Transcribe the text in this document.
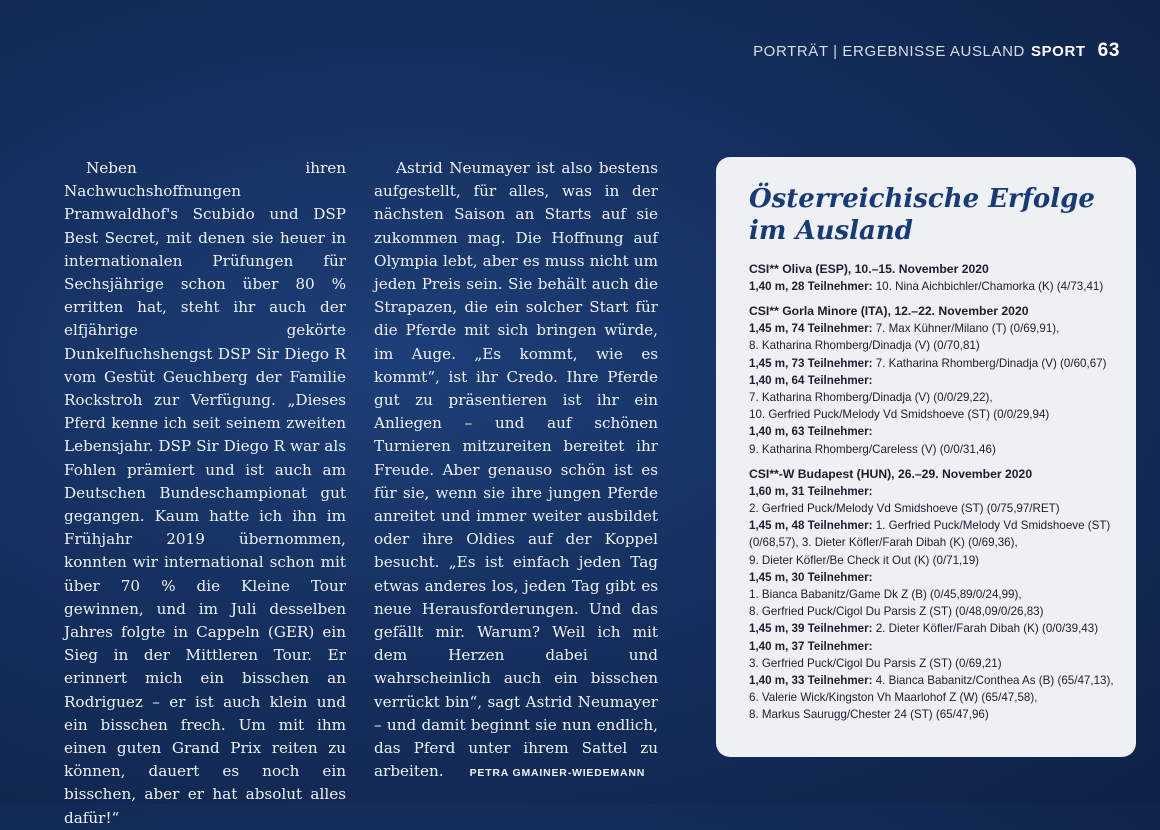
PORTRÄT | ERGEBNISSE AUSLAND SPORT 63

Neben ihren Nachwuchshoffnungen Pramwaldhof's Scubido und DSP Best Secret, mit denen sie heuer in internationalen Prüfungen für Sechsjährige schon über 80 % erritten hat, steht ihr auch der elfjährige gekörte Dunkelfuchshengst DSP Sir Diego R vom Gestüt Geuchberg der Familie Rockstroh zur Verfügung. „Dieses Pferd kenne ich seit seinem zweiten Lebensjahr. DSP Sir Diego R war als Fohlen prämiert und ist auch am Deutschen Bundeschampionat gut gegangen. Kaum hatte ich ihn im Frühjahr 2019 übernommen, konnten wir international schon mit über 70 % die Kleine Tour gewinnen, und im Juli desselben Jahres folgte in Cappeln (GER) ein Sieg in der Mittleren Tour. Er erinnert mich ein bisschen an Rodriguez – er ist auch klein und ein bisschen frech. Um mit ihm einen guten Grand Prix reiten zu können, dauert es noch ein bisschen, aber er hat absolut alles dafür!“

Astrid Neumayer ist also bestens aufgestellt, für alles, was in der nächsten Saison an Starts auf sie zukommen mag. Die Hoffnung auf Olympia lebt, aber es muss nicht um jeden Preis sein. Sie behält auch die Strapazen, die ein solcher Start für die Pferde mit sich bringen würde, im Auge. „Es kommt, wie es kommt“, ist ihr Credo. Ihre Pferde gut zu präsentieren ist ihr ein Anliegen – und auf schönen Turnieren mitzureiten bereitet ihr Freude. Aber genauso schön ist es für sie, wenn sie ihre jungen Pferde anreitet und immer weiter ausbildet oder ihre Oldies auf der Koppel besucht. „Es ist einfach jeden Tag etwas anderes los, jeden Tag gibt es neue Herausforderungen. Und das gefällt mir. Warum? Weil ich mit dem Herzen dabei und wahrscheinlich auch ein bisschen verrückt bin“, sagt Astrid Neumayer – und damit beginnt sie nun endlich, das Pferd unter ihrem Sattel zu arbeiten. PETRA GMAINER-WIEDEMANN

Österreichische Erfolge im Ausland
CSI** Oliva (ESP), 10.–15. November 2020
1,40 m, 28 Teilnehmer: 10. Nina Aichbichler/Chamorka (K) (4/73,41)
CSI** Gorla Minore (ITA), 12.–22. November 2020
1,45 m, 74 Teilnehmer: 7. Max Kühner/Milano (T) (0/69,91),
8. Katharina Rhomberg/Dinadja (V) (0/70,81)
1,45 m, 73 Teilnehmer: 7. Katharina Rhomberg/Dinadja (V) (0/60,67)
1,40 m, 64 Teilnehmer:
7. Katharina Rhomberg/Dinadja (V) (0/0/29,22),
10. Gerfried Puck/Melody Vd Smidshoeve (ST) (0/0/29,94)
1,40 m, 63 Teilnehmer:
9. Katharina Rhomberg/Careless (V) (0/0/31,46)
CSI**-W Budapest (HUN), 26.–29. November 2020
1,60 m, 31 Teilnehmer:
2. Gerfried Puck/Melody Vd Smidshoeve (ST) (0/75,97/RET)
1,45 m, 48 Teilnehmer: 1. Gerfried Puck/Melody Vd Smidshoeve (ST)
(0/68,57), 3. Dieter Köfler/Farah Dibah (K) (0/69,36),
9. Dieter Köfler/Be Check it Out (K) (0/71,19)
1,45 m, 30 Teilnehmer:
1. Bianca Babanitz/Game Dk Z (B) (0/45,89/0/24,99),
8. Gerfried Puck/Cigol Du Parsis Z (ST) (0/48,09/0/26,83)
1,45 m, 39 Teilnehmer: 2. Dieter Köfler/Farah Dibah (K) (0/0/39,43)
1,40 m, 37 Teilnehmer:
3. Gerfried Puck/Cigol Du Parsis Z (ST) (0/69,21)
1,40 m, 33 Teilnehmer: 4. Bianca Babanitz/Conthea As (B) (65/47,13),
6. Valerie Wick/Kingston Vh Maarlohof Z (W) (65/47,58),
8. Markus Saurugg/Chester 24 (ST) (65/47,96)
